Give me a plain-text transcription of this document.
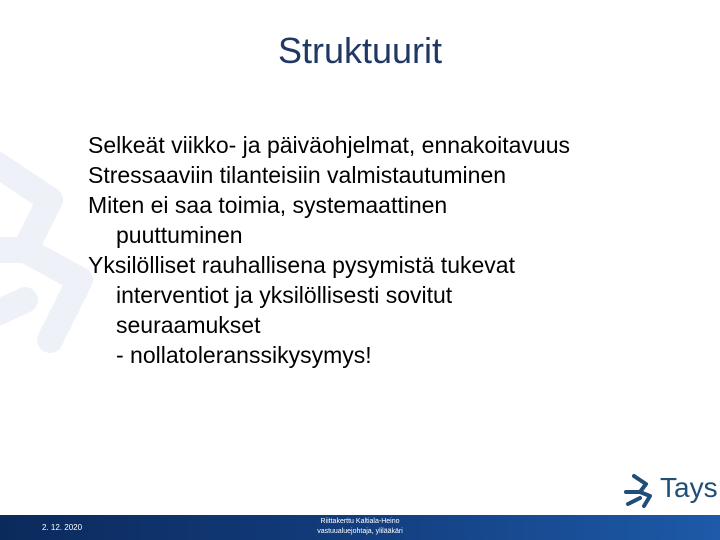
Struktuurit
Selkeät viikko- ja päiväohjelmat, ennakoitavuus
Stressaaviin tilanteisiin valmistautuminen
Miten ei saa toimia, systemaattinen
puuttuminen
Yksilölliset rauhallisena pysymistä tukevat
interventiot ja yksilöllisesti sovitut
seuraamukset
- nollatoleranssikysymys!
Tays
2. 12. 2020
Riittakerttu Kaltiala-Heino
vastuualuejohtaja, ylilääkäri
